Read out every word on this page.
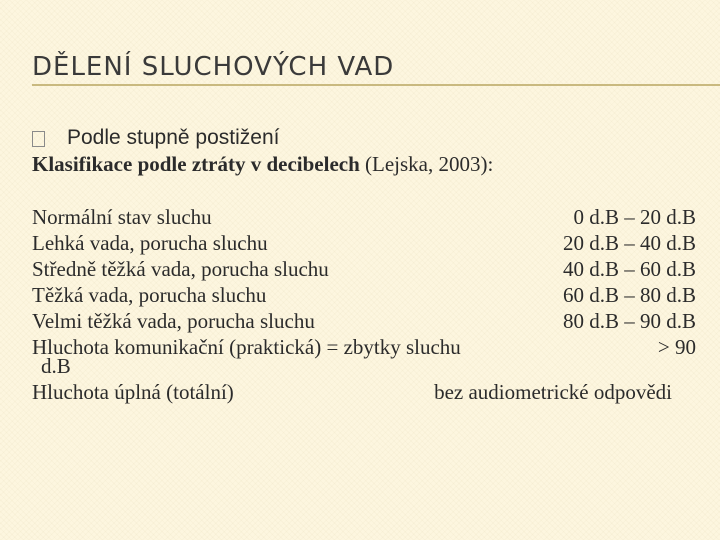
DĚLENÍ SLUCHOVÝCH VAD
Podle stupně postižení
Klasifikace podle ztráty v decibelech (Lejska, 2003):
Normální stav sluchu	0 d.B – 20 d.B
Lehká vada, porucha sluchu	20 d.B – 40 d.B
Středně těžká vada, porucha sluchu	40 d.B – 60 d.B
Těžká vada, porucha sluchu	60 d.B – 80 d.B
Velmi těžká vada, porucha sluchu	80 d.B – 90 d.B
Hluchota komunikační (praktická) = zbytky sluchu	> 90
d.B
Hluchota úplná (totální)	bez audiometrické odpovědi
